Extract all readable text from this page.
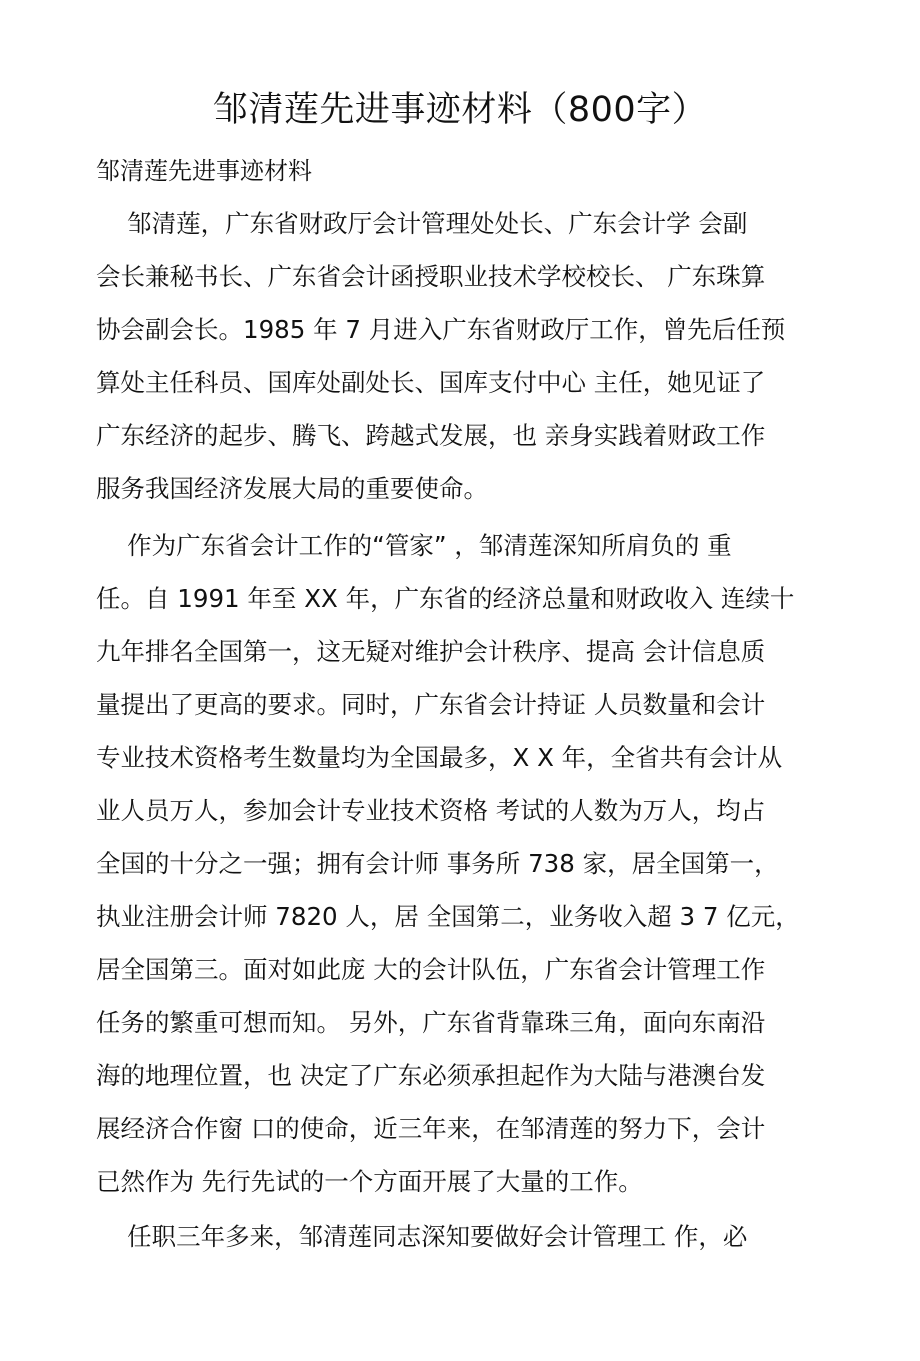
邹清莲先进事迹材料（800字）

邹清莲先进事迹材料

邹清莲，广东省财政厅会计管理处处长、广东会计学 会副

会长兼秘书长、广东省会计函授职业技术学校校长、 广东珠算

协会副会长。1985 年 7 月进入广东省财政厅工作，曾先后任预

算处主任科员、国库处副处长、国库支付中心 主任，她见证了

广东经济的起步、腾飞、跨越式发展，也 亲身实践着财政工作

服务我国经济发展大局的重要使命。

作为广东省会计工作的“管家” ，邹清莲深知所肩负的 重

任。自 1991 年至 XX 年，广东省的经济总量和财政收入 连续十

九年排名全国第一，这无疑对维护会计秩序、提高 会计信息质

量提出了更高的要求。同时，广东省会计持证 人员数量和会计

专业技术资格考生数量均为全国最多，X X 年，全省共有会计从

业人员万人，参加会计专业技术资格 考试的人数为万人，均占

全国的十分之一强；拥有会计师 事务所 738 家，居全国第一，

执业注册会计师 7820 人，居 全国第二，业务收入超 3 7 亿元，

居全国第三。面对如此庞 大的会计队伍，广东省会计管理工作

任务的繁重可想而知。 另外，广东省背靠珠三角，面向东南沿

海的地理位置，也 决定了广东必须承担起作为大陆与港澳台发

展经济合作窗 口的使命，近三年来，在邹清莲的努力下，会计

已然作为 先行先试的一个方面开展了大量的工作。

任职三年多来，邹清莲同志深知要做好会计管理工 作，必
